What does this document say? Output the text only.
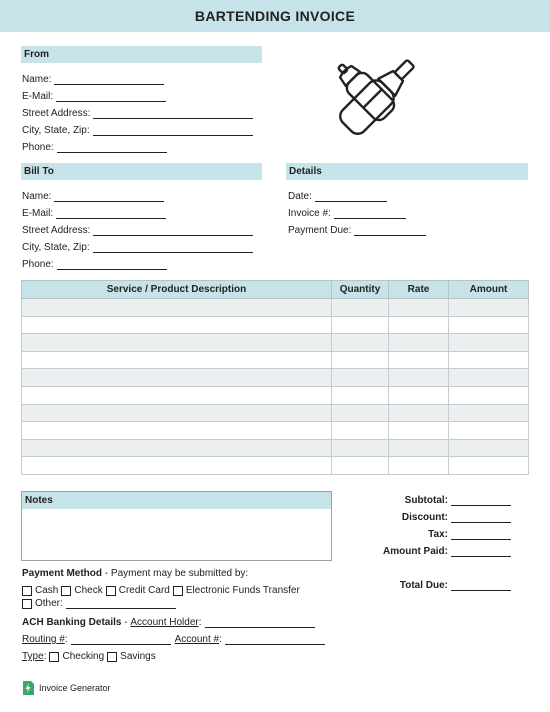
BARTENDING INVOICE
From
Name:
E-Mail:
Street Address:
City, State, Zip:
Phone:
Bill To
Name:
E-Mail:
Street Address:
City, State, Zip:
Phone:
Details
Date:
Invoice #:
Payment Due:
Service / Product Description	Quantity	Rate	Amount

Notes	Subtotal:
Discount:
Tax:
Amount Paid:
Total Due:
Payment Method - Payment may be submitted by:
Cash Check Credit Card Electronic Funds Transfer
Other:
ACH Banking Details - Account Holder :
Routing # :	Account # :
Type : Checking Savings
Invoice Generator
